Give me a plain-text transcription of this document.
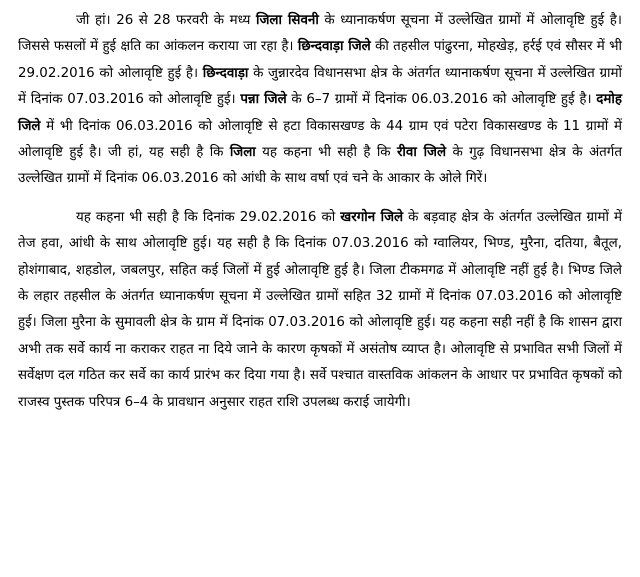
जी हां। 26 से 28 फरवरी के मध्य जिला सिवनी के ध्यानाकर्षण सूचना में उल्लेखित ग्रामों में ओलावृष्टि हुई है। जिससे फसलों में हुई क्षति का आंकलन कराया जा रहा है। छिन्दवाड़ा जिले की तहसील पांढुरना, मोहखेड़, हर्रई एवं सौसर में भी 29.02.2016 को ओलावृष्टि हुई है। छिन्दवाड़ा के जुन्नारदेव विधानसभा क्षेत्र के अंतर्गत ध्यानाकर्षण सूचना में उल्लेखित ग्रामों में दिनांक 07.03.2016 को ओलावृष्टि हुई। पन्ना जिले के 6–7 ग्रामों में दिनांक 06.03.2016 को ओलावृष्टि हुई है। दमोह जिले में भी दिनांक 06.03.2016 को ओलावृष्टि से हटा विकासखण्ड के 44 ग्राम एवं पटेरा विकासखण्ड के 11 ग्रामों में ओलावृष्टि हुई है। जी हां, यह सही है कि जिला यह कहना भी सही है कि रीवा जिले के गुढ़ विधानसभा क्षेत्र के अंतर्गत उल्लेखित ग्रामों में दिनांक 06.03.2016 को आंधी के साथ वर्षा एवं चने के आकार के ओले गिरें।

यह कहना भी सही है कि दिनांक 29.02.2016 को खरगोन जिले के बड़वाह क्षेत्र के अंतर्गत उल्लेखित ग्रामों में तेज हवा, आंधी के साथ ओलावृष्टि हुई। यह सही है कि दिनांक 07.03.2016 को ग्वालियर, भिण्ड, मुरैना, दतिया, बैतूल, होशंगाबाद, शहडोल, जबलपुर, सहित कई जिलों में हुई ओलावृष्टि हुई है। जिला टीकमगढ में ओलावृष्टि नहीं हुई है। भिण्ड जिले के लहार तहसील के अंतर्गत ध्यानाकर्षण सूचना में उल्लेखित ग्रामों सहित 32 ग्रामों में दिनांक 07.03.2016 को ओलावृष्टि हुई। जिला मुरैना के सुमावली क्षेत्र के ग्राम में दिनांक 07.03.2016 को ओलावृष्टि हुई। यह कहना सही नहीं है कि शासन द्वारा अभी तक सर्वे कार्य ना कराकर राहत ना दिये जाने के कारण कृषकों में असंतोष व्याप्त है। ओलावृष्टि से प्रभावित सभी जिलों में सर्वेक्षण दल गठित कर सर्वे का कार्य प्रारंभ कर दिया गया है। सर्वे पश्चात वास्तविक आंकलन के आधार पर प्रभावित कृषकों को राजस्व पुस्तक परिपत्र 6–4 के प्रावधान अनुसार राहत राशि उपलब्ध कराई जायेगी।
